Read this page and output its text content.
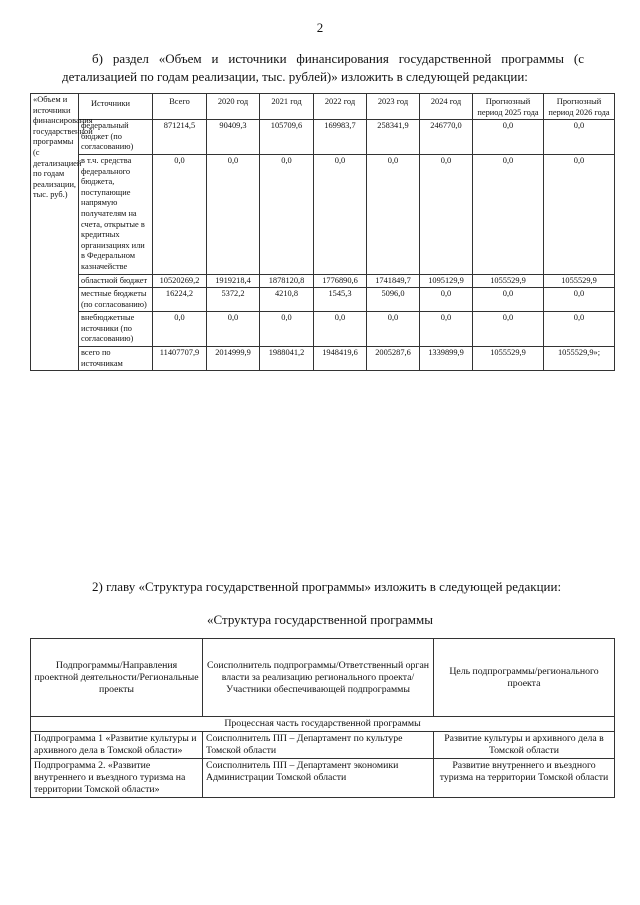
2
б) раздел «Объем и источники финансирования государственной программы (с детализацией по годам реализации, тыс. рублей)» изложить в следующей редакции:
«Объем и источники финансирования государственной программы (с детализацией по годам реализации, тыс. руб.)	Источники	Всего	2020 год	2021 год	2022 год	2023 год	2024 год	Прогнозный период 2025 года	Прогнозный период 2026 года
	федеральный бюджет (по согласованию)	871214,5	90409,3	105709,6	169983,7	258341,9	246770,0	0,0	0,0
	в т.ч. средства федерального бюджета, поступающие напрямую получателям на счета, открытые в кредитных организациях или в Федеральном казначействе	0,0	0,0	0,0	0,0	0,0	0,0	0,0	0,0
	областной бюджет	10520269,2	1919218,4	1878120,8	1776890,6	1741849,7	1095129,9	1055529,9	1055529,9
	местные бюджеты (по согласованию)	16224,2	5372,2	4210,8	1545,3	5096,0	0,0	0,0	0,0
	внебюджетные источники (по согласованию)	0,0	0,0	0,0	0,0	0,0	0,0	0,0	0,0
	всего по источникам	11407707,9	2014999,9	1988041,2	1948419,6	2005287,6	1339899,9	1055529,9	1055529,9»;
2) главу «Структура государственной программы» изложить в следующей редакции:
«Структура государственной программы
Подпрограммы/Направления проектной деятельности/Региональные проекты	Соисполнитель подпрограммы/Ответственный орган власти за реализацию регионального проекта/Участники обеспечивающей подпрограммы	Цель подпрограммы/регионального проекта
Процессная часть государственной программы		
Подпрограмма 1 «Развитие культуры и архивного дела в Томской области»	Соисполнитель ПП – Департамент по культуре Томской области	Развитие культуры и архивного дела в Томской области
Подпрограмма 2. «Развитие внутреннего и въездного туризма на территории Томской области»	Соисполнитель ПП – Департамент экономики Администрации Томской области	Развитие внутреннего и въездного туризма на территории Томской области
